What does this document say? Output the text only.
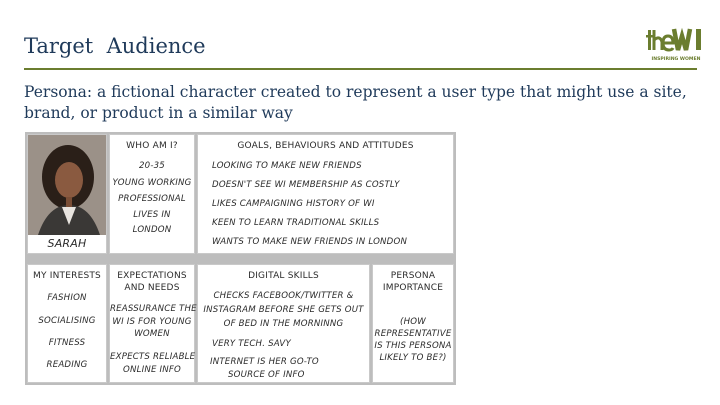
Target  Audience
INSPIRING WOMEN
Persona: a fictional character created to represent a user type that might use a site, brand, or product in a similar way
SARAH
WHO AM I?
20-35
YOUNG WORKING
PROFESSIONAL
LIVES IN
LONDON
GOALS, BEHAVIOURS AND ATTITUDES
LOOKING TO MAKE NEW FRIENDS
DOESN'T SEE WI MEMBERSHIP AS COSTLY
LIKES CAMPAIGNING HISTORY OF WI
KEEN TO LEARN TRADITIONAL SKILLS
WANTS TO MAKE NEW FRIENDS IN LONDON
MY INTERESTS
FASHION
SOCIALISING
FITNESS
READING
EXPECTATIONS
AND NEEDS
REASSURANCE THE
WI IS FOR YOUNG
WOMEN
EXPECTS RELIABLE
ONLINE INFO
DIGITAL SKILLS
CHECKS FACEBOOK/TWITTER &
INSTAGRAM BEFORE SHE GETS OUT
OF BED IN THE MORNINNG
VERY TECH. SAVY
INTERNET IS HER GO-TO
SOURCE OF INFO
PERSONA
IMPORTANCE
(HOW
REPRESENTATIVE
IS THIS PERSONA
LIKELY TO BE?)
